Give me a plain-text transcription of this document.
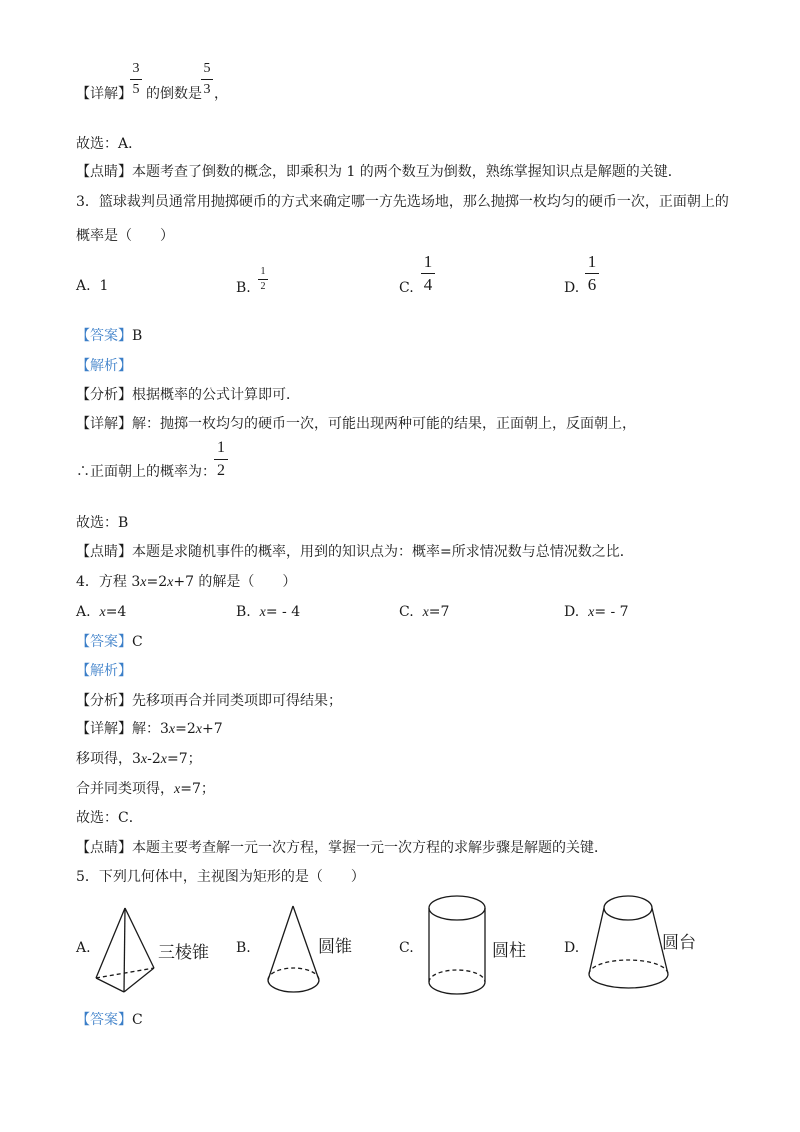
【详解】
3
5 的倒数是
5
3 ，
故选：A．
【点睛】本题考查了倒数的概念，即乘积为 1 的两个数互为倒数，熟练掌握知识点是解题的关键．
3．篮球裁判员通常用抛掷硬币的方式来确定哪一方先选场地，那么抛掷一枚均匀的硬币一次，正面朝上的
概率是（　　）
A. 1	B.
1
2	C.
1
4	D.
1
6
【答案】B
【解析】
【分析】根据概率的公式计算即可．
【详解】解：抛掷一枚均匀的硬币一次，可能出现两种可能的结果，正面朝上，反面朝上，
∴正面朝上的概率为：
1
2
故选：B
【点睛】本题是求随机事件的概率，用到的知识点为：概率=所求情况数与总情况数之比．
4．方程 3x=2x+7 的解是（　　）
A. x=4	B. x= - 4	C. x=7	D. x= - 7
【答案】C
【解析】
【分析】先移项再合并同类项即可得结果；
【详解】解：3x=2x+7
移项得，3x-2x=7；
合并同类项得，x=7；
故选：C．
【点睛】本题主要考查解一元一次方程，掌握一元一次方程的求解步骤是解题的关键．
5．下列几何体中，主视图为矩形的是（　　）
A.	三棱锥 B.	圆锥	C.	圆柱	D.	圆台
【答案】C
